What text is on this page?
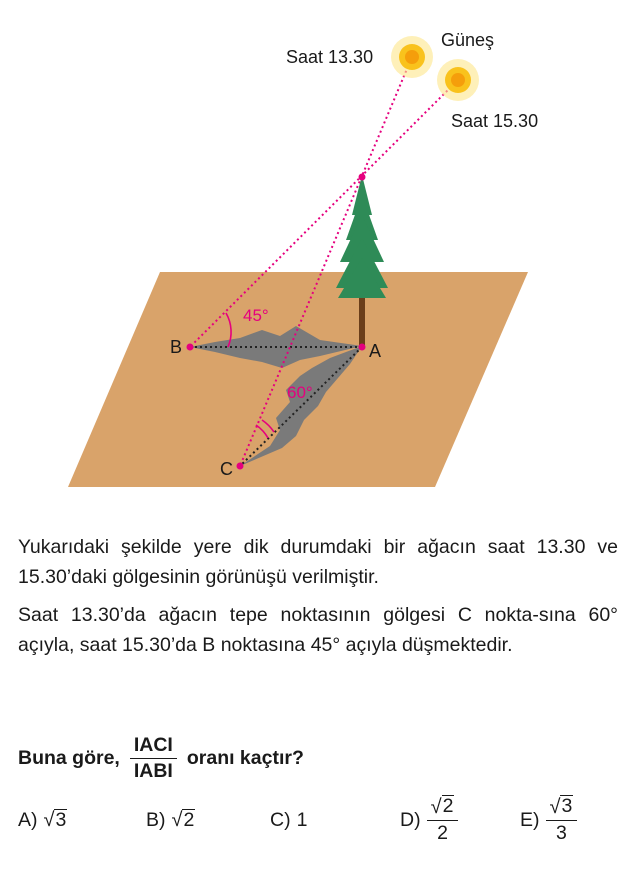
Saat 13.30
Güneş
Saat 15.30
B	A
C
45°
60°

Yukarıdaki şekilde yere dik durumdaki bir ağacın saat 13.30 ve 15.30’daki gölgesinin görünüşü verilmiştir.

Saat 13.30’da ağacın tepe noktasının gölgesi C nokta-sına 60° açıyla, saat 15.30’da B noktasına 45° açıyla düşmektedir.

Buna göre, $\frac{\text{IACI}}{\text{IABI}}$ oranı kaçtır?
A) √ 3	B) √ 2	C) 1	$D) \frac{√ 2}{2}$	$E) \frac{√ 3}{3}$
